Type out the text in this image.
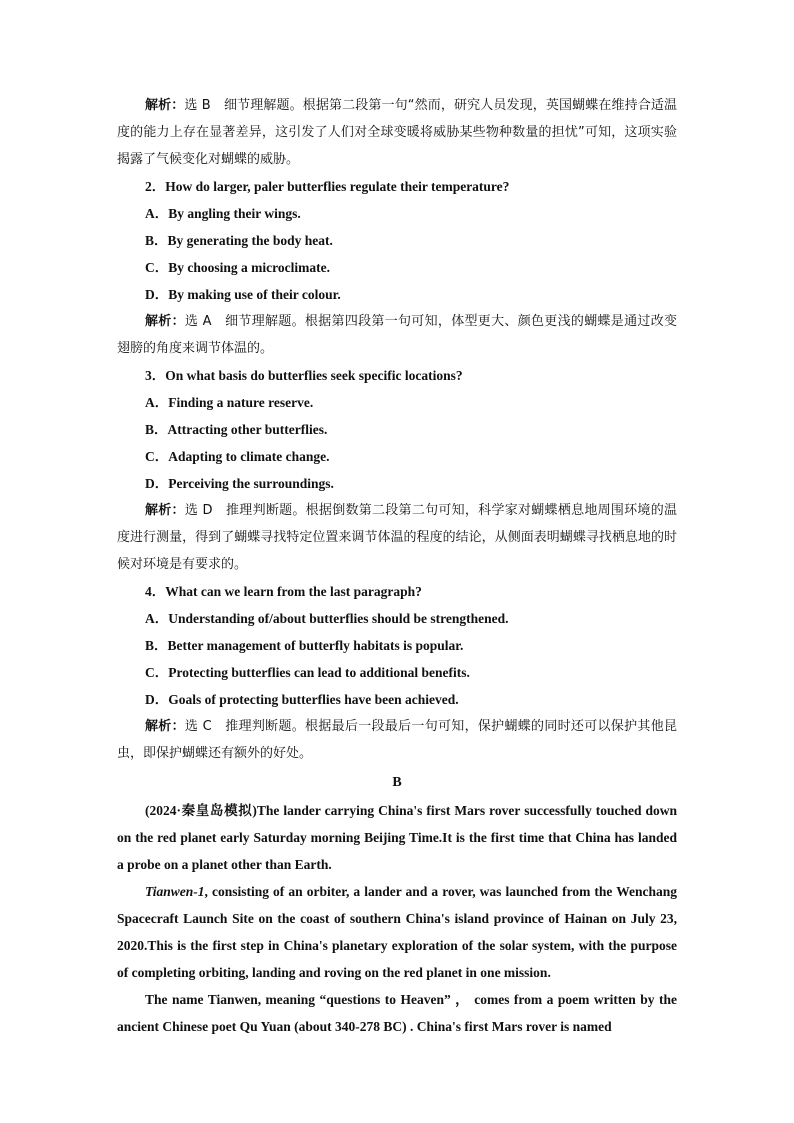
解析：选 B　细节理解题。根据第二段第一句“然而，研究人员发现，英国蝴蝶在维持合适温度的能力上存在显著差异，这引发了人们对全球变暖将威胁某些物种数量的担忧”可知，这项实验揭露了气候变化对蝴蝶的威胁。

2．How do larger, paler butterflies regulate their temperature?

A．By angling their wings.

B．By generating the body heat.

C．By choosing a microclimate.

D．By making use of their colour.

解析：选 A　细节理解题。根据第四段第一句可知，体型更大、颜色更浅的蝴蝶是通过改变翅膀的角度来调节体温的。

3．On what basis do butterflies seek specific locations?

A．Finding a nature reserve.

B．Attracting other butterflies.

C．Adapting to climate change.

D．Perceiving the surroundings.

解析：选 D　推理判断题。根据倒数第二段第二句可知，科学家对蝴蝶栖息地周围环境的温度进行测量，得到了蝴蝶寻找特定位置来调节体温的程度的结论，从侧面表明蝴蝶寻找栖息地的时候对环境是有要求的。

4．What can we learn from the last paragraph?

A．Understanding of/about butterflies should be strengthened.

B．Better management of butterfly habitats is popular.

C．Protecting butterflies can lead to additional benefits.

D．Goals of protecting butterflies have been achieved.

解析：选 C　推理判断题。根据最后一段最后一句可知，保护蝴蝶的同时还可以保护其他昆虫，即保护蝴蝶还有额外的好处。

B

(2024·秦皇岛模拟)The lander carrying China's first Mars rover successfully touched down on the red planet early Saturday morning Beijing Time.It is the first time that China has landed a probe on a planet other than Earth.

Tianwen-1, consisting of an orbiter, a lander and a rover, was launched from the Wenchang Spacecraft Launch Site on the coast of southern China's island province of Hainan on July 23, 2020.This is the first step in China's planetary exploration of the solar system, with the purpose of completing orbiting, landing and roving on the red planet in one mission.

The name Tianwen, meaning “questions to Heaven” ， comes from a poem written by the ancient Chinese poet Qu Yuan (about 340-278 BC) . China's first Mars rover is named
